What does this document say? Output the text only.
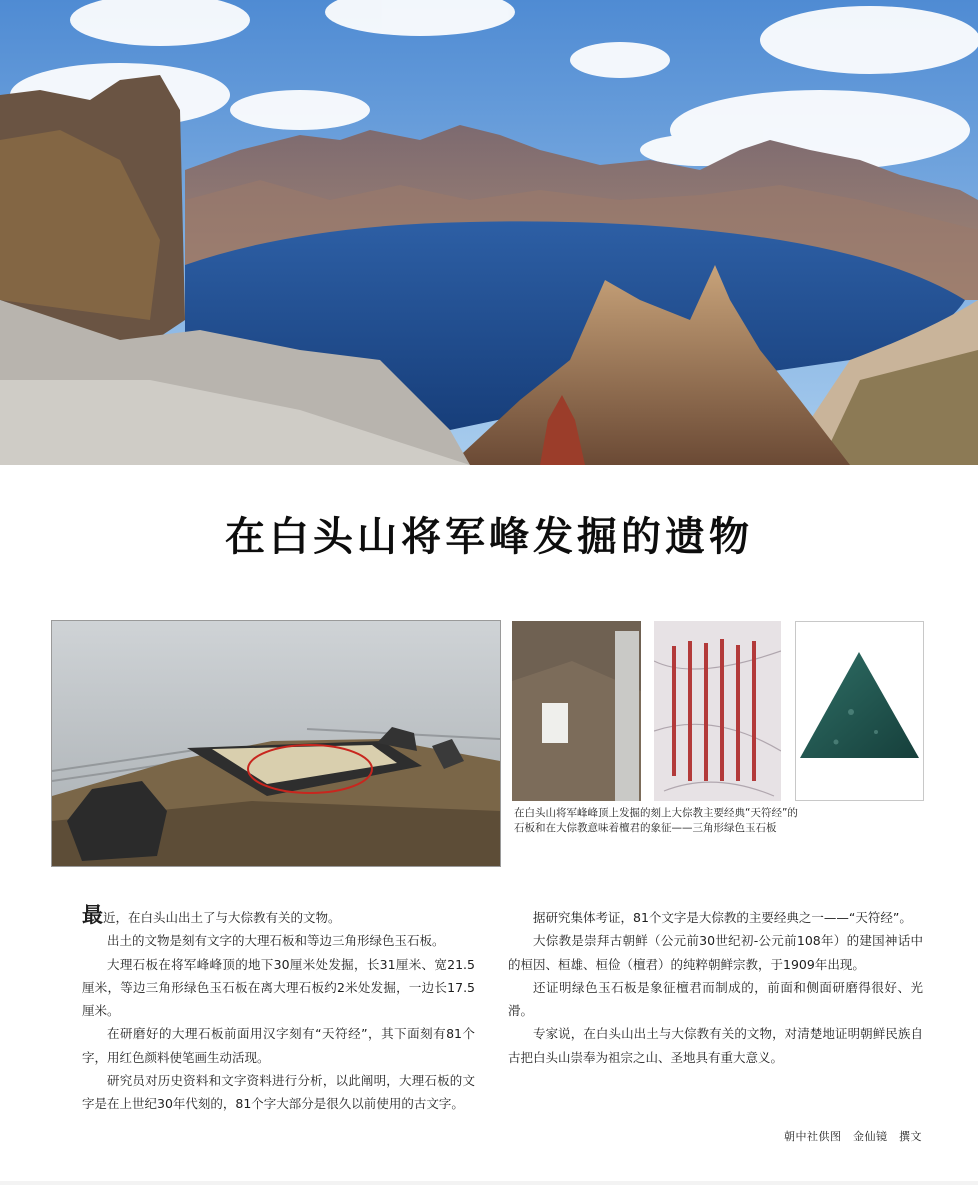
在白头山将军峰发掘的遗物
在白头山将军峰峰顶上发掘的刻上大倧教主要经典“天符经”的
石板和在大倧教意味着檀君的象征——三角形绿色玉石板

最近，在白头山出土了与大倧教有关的文物。

出土的文物是刻有文字的大理石板和等边三角形绿色玉石板。

大理石板在将军峰峰顶的地下30厘米处发掘，长31厘米、宽21.5厘米，等边三角形绿色玉石板在离大理石板约2米处发掘，一边长17.5厘米。

在研磨好的大理石板前面用汉字刻有“天符经”，其下面刻有81个字，用红色颜料使笔画生动活现。

研究员对历史资料和文字资料进行分析，以此阐明，大理石板的文字是在上世纪30年代刻的，81个字大部分是很久以前使用的古文字。

据研究集体考证，81个文字是大倧教的主要经典之一——“天符经”。

大倧教是崇拜古朝鲜（公元前30世纪初-公元前108年）的建国神话中的桓因、桓雄、桓俭（檀君）的纯粹朝鲜宗教，于1909年出现。

还证明绿色玉石板是象征檀君而制成的，前面和侧面研磨得很好、光滑。

专家说，在白头山出土与大倧教有关的文物，对清楚地证明朝鲜民族自古把白头山崇奉为祖宗之山、圣地具有重大意义。

朝中社供图　金仙镜　撰文
